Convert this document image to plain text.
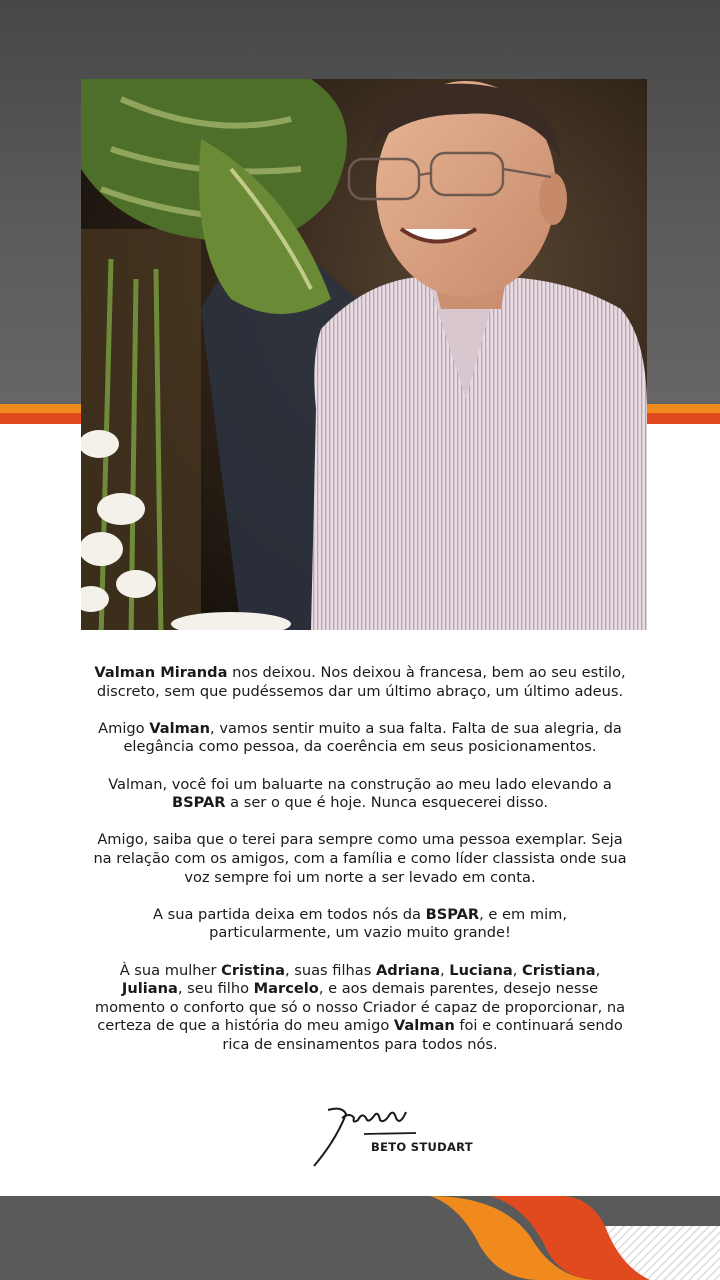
Valman Miranda nos deixou. Nos deixou à francesa, bem ao seu estilo, discreto, sem que pudéssemos dar um último abraço, um último adeus.

Amigo Valman, vamos sentir muito a sua falta. Falta de sua alegria, da elegância como pessoa, da coerência em seus posicionamentos.

Valman, você foi um baluarte na construção ao meu lado elevando a BSPAR a ser o que é hoje. Nunca esquecerei disso.

Amigo, saiba que o terei para sempre como uma pessoa exemplar. Seja na relação com os amigos, com a família e como líder classista onde sua voz sempre foi um norte a ser levado em conta.

A sua partida deixa em todos nós da BSPAR, e em mim, particularmente, um vazio muito grande!

À sua mulher Cristina, suas filhas Adriana, Luciana, Cristiana, Juliana, seu filho Marcelo, e aos demais parentes, desejo nesse momento o conforto que só o nosso Criador é capaz de proporcionar, na certeza de que a história do meu amigo Valman foi e continuará sendo rica de ensinamentos para todos nós.

BETO STUDART
